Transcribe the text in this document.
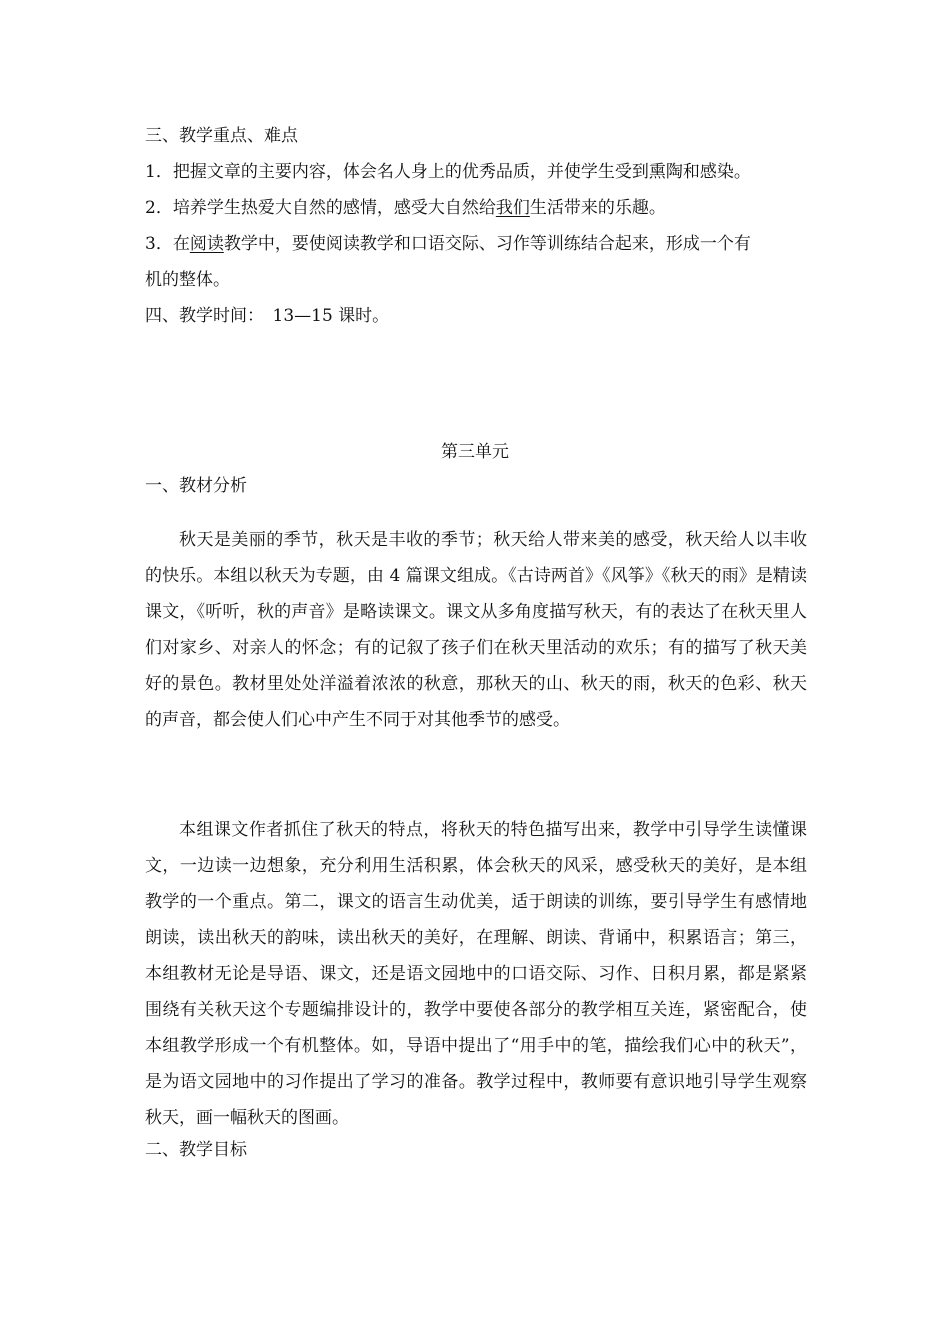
三、教学重点、难点
1．把握文章的主要内容，体会名人身上的优秀品质，并使学生受到熏陶和感染。
2．培养学生热爱大自然的感情，感受大自然给我们生活带来的乐趣。
3．在阅读教学中，要使阅读教学和口语交际、习作等训练结合起来，形成一个有
机的整体。
四、教学时间：　13—15 课时。
第三单元
一、教材分析
秋天是美丽的季节，秋天是丰收的季节；秋天给人带来美的感受，秋天给人以丰收的快乐。本组以秋天为专题，由 4 篇课文组成。《古诗两首》《风筝》《秋天的雨》是精读课文，《听听，秋的声音》是略读课文。课文从多角度描写秋天，有的表达了在秋天里人们对家乡、对亲人的怀念；有的记叙了孩子们在秋天里活动的欢乐；有的描写了秋天美好的景色。教材里处处洋溢着浓浓的秋意，那秋天的山、秋天的雨，秋天的色彩、秋天的声音，都会使人们心中产生不同于对其他季节的感受。
本组课文作者抓住了秋天的特点，将秋天的特色描写出来，教学中引导学生读懂课文，一边读一边想象，充分利用生活积累，体会秋天的风采，感受秋天的美好，是本组教学的一个重点。第二，课文的语言生动优美，适于朗读的训练，要引导学生有感情地朗读，读出秋天的韵味，读出秋天的美好，在理解、朗读、背诵中，积累语言；第三，本组教材无论是导语、课文，还是语文园地中的口语交际、习作、日积月累，都是紧紧围绕有关秋天这个专题编排设计的，教学中要使各部分的教学相互关连，紧密配合，使本组教学形成一个有机整体。如，导语中提出了“用手中的笔，描绘我们心中的秋天”，是为语文园地中的习作提出了学习的准备。教学过程中，教师要有意识地引导学生观察秋天，画一幅秋天的图画。
二、教学目标
